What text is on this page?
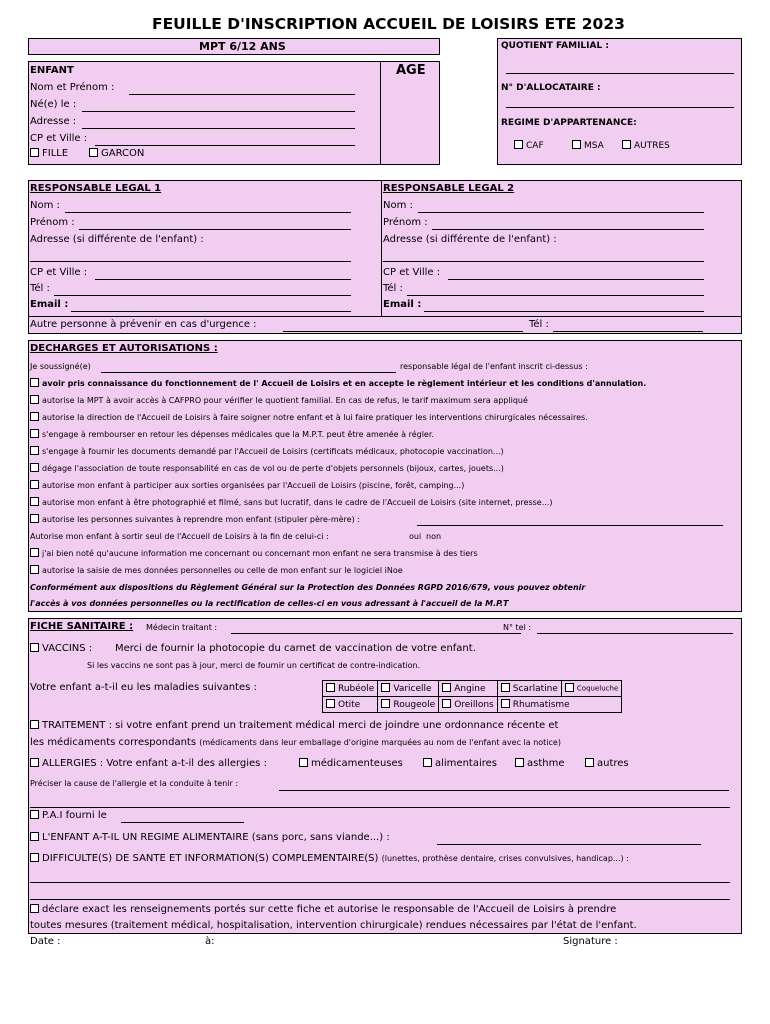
FEUILLE D'INSCRIPTION ACCUEIL DE LOISIRS ETE 2023
MPT 6/12 ANS
AGE
ENFANT
Nom et Prénom :
Né(e) le :
Adresse :
CP et Ville :
FILLE	GARCON
QUOTIENT FAMILIAL :
N° D'ALLOCATAIRE :
REGIME D'APPARTENANCE:
CAF	MSA	AUTRES
RESPONSABLE LEGAL 1
Nom :
Prénom :
Adresse (si différente de l'enfant) :
CP et Ville :
Tél :
Email :
RESPONSABLE LEGAL 2
Nom :
Prénom :
Adresse (si différente de l'enfant) :
CP et Ville :
Tél :
Email :
Autre personne à prévenir en cas d'urgence :	Tél :
DECHARGES ET AUTORISATIONS :
Je soussigné(e)	responsable légal de l'enfant inscrit ci-dessus :
avoir pris connaissance du fonctionnement de l' Accueil de Loisirs et en accepte le règlement intérieur et les conditions d'annulation.
autorise la MPT à avoir accès à CAFPRO pour vérifier le quotient familial. En cas de refus, le tarif maximum sera appliqué
autorise la direction de l'Accueil de Loisirs à faire soigner notre enfant et à lui faire pratiquer les interventions chirurgicales nécessaires.
s'engage à rembourser en retour les dépenses médicales que la M.P.T. peut être amenée à régler.
s'engage à fournir les documents demandé par l'Accueil de Loisirs (certificats médicaux, photocopie vaccination...)
dégage l'association de toute responsabilité en cas de vol ou de perte d'objets personnels (bijoux, cartes, jouets...)
autorise mon enfant à participer aux sorties organisées par l'Accueil de Loisirs (piscine, forêt, camping...)
autorise mon enfant à être photographié et filmé, sans but lucratif, dans le cadre de l'Accueil de Loisirs (site internet, presse...)
autorise les personnes suivantes à reprendre mon enfant (stipuler père-mère) :
Autorise mon enfant à sortir seul de l'Accueil de Loisirs à la fin de celui-ci :	oui non
j'ai bien noté qu'aucune information me concernant ou concernant mon enfant ne sera transmise à des tiers
autorise la saisie de mes données personnelles ou celle de mon enfant sur le logiciel iNoe
Conformément aux dispositions du Règlement Général sur la Protection des Données RGPD 2016/679, vous pouvez obtenir
l'accès à vos données personnelles ou la rectification de celles-ci en vous adressant à l'accueil de la M.P.T
FICHE SANITAIRE : Médecin traitant :	N° tel :
VACCINS : Merci de fournir la photocopie du carnet de vaccination de votre enfant.
Si les vaccins ne sont pas à jour, merci de fournir un certificat de contre-indication.
Votre enfant a-t-il eu les maladies suivantes :	Rubéole	Varicelle	Angine	Scarlatine	Coqueluche
Otite	Rougeole	Oreillons	Rhumatisme	
TRAITEMENT : si votre enfant prend un traitement médical merci de joindre une ordonnance récente et
les médicaments correspondants (médicaments dans leur emballage d'origine marquées au nom de l'enfant avec la notice)
ALLERGIES : Votre enfant a-t-il des allergies :	médicamenteuses	alimentaires	asthme	autres
Préciser la cause de l'allergie et la conduite à tenir :
P.A.I fourni le
L'ENFANT A-T-IL UN REGIME ALIMENTAIRE (sans porc, sans viande...) :
DIFFICULTE(S) DE SANTE ET INFORMATION(S) COMPLEMENTAIRE(S) (lunettes, prothèse dentaire, crises convulsives, handicap...) :
déclare exact les renseignements portés sur cette fiche et autorise le responsable de l'Accueil de Loisirs à prendre
toutes mesures (traitement médical, hospitalisation, intervention chirurgicale) rendues nécessaires par l'état de l'enfant.
Date :	à:	Signature :
